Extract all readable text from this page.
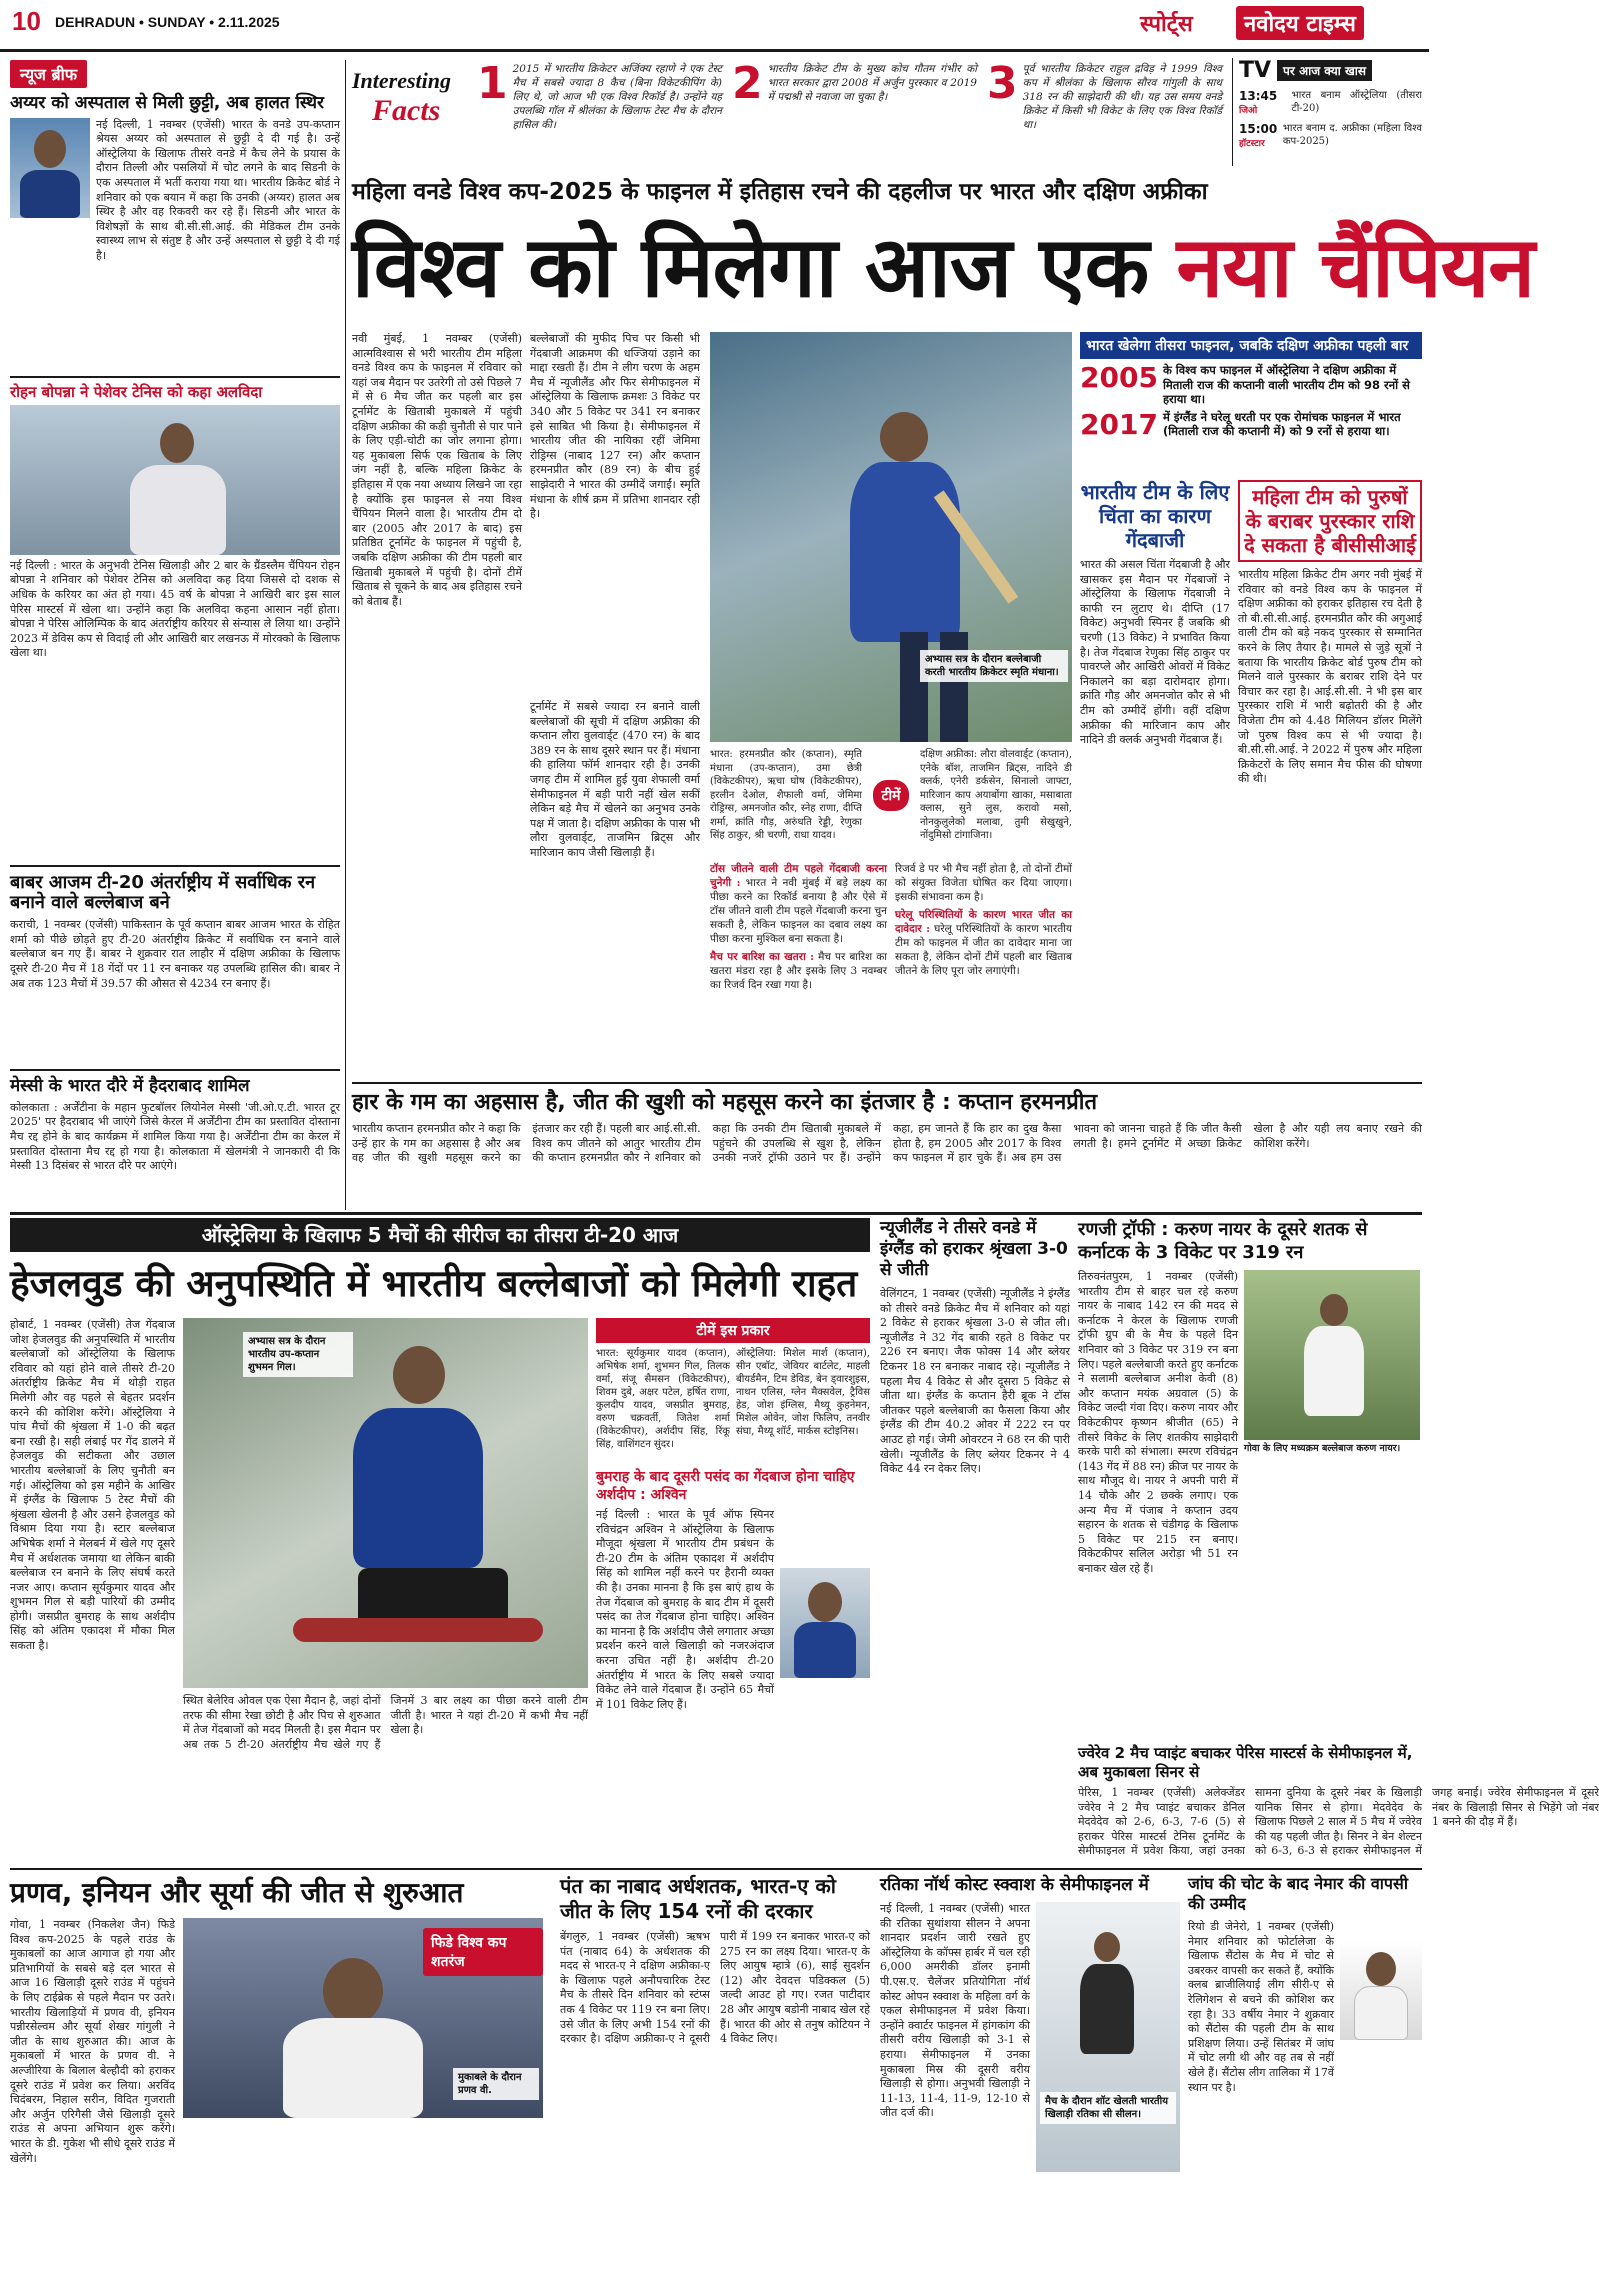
10 DEHRADUN • SUNDAY • 2.11.2025	स्पोर्ट्स	नवोदय टाइम्स
न्यूज ब्रीफ
अय्यर को अस्पताल से मिली छुट्टी, अब हालत स्थिर
नई दिल्ली, 1 नवम्बर (एजेंसी) भारत के वनडे उप-कप्तान श्रेयस अय्यर को अस्पताल से छुट्टी दे दी गई है। उन्हें ऑस्ट्रेलिया के खिलाफ तीसरे वनडे में कैच लेने के प्रयास के दौरान तिल्ली और पसलियों में चोट लगने के बाद सिडनी के एक अस्पताल में भर्ती कराया गया था। भारतीय क्रिकेट बोर्ड ने शनिवार को एक बयान में कहा कि उनकी (अय्यर) हालत अब स्थिर है और वह रिकवरी कर रहे हैं। सिडनी और भारत के विशेषज्ञों के साथ बी.सी.सी.आई. की मेडिकल टीम उनके स्वास्थ्य लाभ से संतुष्ट है और उन्हें अस्पताल से छुट्टी दे दी गई है।
रोहन बोपन्ना ने पेशेवर टेनिस को कहा अलविदा
नई दिल्ली : भारत के अनुभवी टेनिस खिलाड़ी और 2 बार के ग्रैंडस्लैम चैंपियन रोहन बोपन्ना ने शनिवार को पेशेवर टेनिस को अलविदा कह दिया जिससे दो दशक से अधिक के करियर का अंत हो गया। 45 वर्ष के बोपन्ना ने आखिरी बार इस साल पेरिस मास्टर्स में खेला था। उन्होंने कहा कि अलविदा कहना आसान नहीं होता। बोपन्ना ने पेरिस ओलिम्पिक के बाद अंतर्राष्ट्रीय करियर से संन्यास ले लिया था। उन्होंने 2023 में डेविस कप से विदाई ली और आखिरी बार लखनऊ में मोरक्को के खिलाफ खेला था।
बाबर आजम टी-20 अंतर्राष्ट्रीय में सर्वाधिक रन बनाने वाले बल्लेबाज बने
कराची, 1 नवम्बर (एजेंसी) पाकिस्तान के पूर्व कप्तान बाबर आजम भारत के रोहित शर्मा को पीछे छोड़ते हुए टी-20 अंतर्राष्ट्रीय क्रिकेट में सर्वाधिक रन बनाने वाले बल्लेबाज बन गए हैं। बाबर ने शुक्रवार रात लाहौर में दक्षिण अफ्रीका के खिलाफ दूसरे टी-20 मैच में 18 गेंदों पर 11 रन बनाकर यह उपलब्धि हासिल की। बाबर ने अब तक 123 मैचों में 39.57 की औसत से 4234 रन बनाए हैं।
मेस्सी के भारत दौरे में हैदराबाद शामिल
कोलकाता : अर्जेंटीना के महान फुटबॉलर लियोनेल मेस्सी 'जी.ओ.ए.टी. भारत टूर 2025' पर हैदराबाद भी जाएंगे जिसे केरल में अर्जेंटीना टीम का प्रस्तावित दोस्ताना मैच रद्द होने के बाद कार्यक्रम में शामिल किया गया है। अर्जेंटीना टीम का केरल में प्रस्तावित दोस्ताना मैच रद्द हो गया है। कोलकाता में खेलमंत्री ने जानकारी दी कि मेस्सी 13 दिसंबर से भारत दौरे पर आएंगे।
Interesting
Facts
1 2015 में भारतीय क्रिकेटर अजिंक्य रहाणे ने एक टेस्ट मैच में सबसे ज्यादा 8 कैच (बिना विकेटकीपिंग के) लिए थे, जो आज भी एक विश्व रिकॉर्ड है। उन्होंने यह उपलब्धि गॉल में श्रीलंका के खिलाफ टेस्ट मैच के दौरान हासिल की।
2 भारतीय क्रिकेट टीम के मुख्य कोच गौतम गंभीर को भारत सरकार द्वारा 2008 में अर्जुन पुरस्कार व 2019 में पद्मश्री से नवाजा जा चुका है।	3 पूर्व भारतीय क्रिकेटर राहुल द्रविड़ ने 1999 विश्व कप में श्रीलंका के खिलाफ सौरव गांगुली के साथ 318 रन की साझेदारी की थी। यह उस समय वनडे क्रिकेट में किसी भी विकेट के लिए एक विश्व रिकॉर्ड था।
TV	पर आज क्या खास
13:45
जिओ
भारत बनाम ऑस्ट्रेलिया (तीसरा टी-20)
15:00
हॉटस्टार
भारत बनाम द. अफ्रीका (महिला विश्व कप-2025)
महिला वनडे विश्व कप-2025 के फाइनल में इतिहास रचने की दहलीज पर भारत और दक्षिण अफ्रीका
विश्व को मिलेगा आज एक नया चैंपियन
नवी मुंबई, 1 नवम्बर (एजेंसी) आत्मविश्वास से भरी भारतीय टीम महिला वनडे विश्व कप के फाइनल में रविवार को यहां जब मैदान पर उतरेगी तो उसे पिछले 7 में से 6 मैच जीत कर पहली बार इस टूर्नामेंट के खिताबी मुकाबले में पहुंची दक्षिण अफ्रीका की कड़ी चुनौती से पार पाने के लिए एड़ी-चोटी का जोर लगाना होगा। यह मुकाबला सिर्फ एक खिताब के लिए जंग नहीं है, बल्कि महिला क्रिकेट के इतिहास में एक नया अध्याय लिखने जा रहा है क्योंकि इस फाइनल से नया विश्व चैंपियन मिलने वाला है। भारतीय टीम दो बार (2005 और 2017 के बाद) इस प्रतिष्ठित टूर्नामेंट के फाइनल में पहुंची है, जबकि दक्षिण अफ्रीका की टीम पहली बार खिताबी मुकाबले में पहुंची है। दोनों टीमें खिताब से चूकने के बाद अब इतिहास रचने को बेताब हैं।
बल्लेबाजों की मुफीद पिच पर किसी भी गेंदबाजी आक्रमण की धज्जियां उड़ाने का माद्दा रखती हैं। टीम ने लीग चरण के अहम मैच में न्यूजीलैंड और फिर सेमीफाइनल में ऑस्ट्रेलिया के खिलाफ क्रमशः 3 विकेट पर 340 और 5 विकेट पर 341 रन बनाकर इसे साबित भी किया है। सेमीफाइनल में भारतीय जीत की नायिका रहीं जेमिमा रोड्रिग्स (नाबाद 127 रन) और कप्तान हरमनप्रीत कौर (89 रन) के बीच हुई साझेदारी ने भारत की उम्मीदें जगाईं। स्मृति मंधाना के शीर्ष क्रम में प्रतिभा शानदार रही है।
टूर्नामेंट में सबसे ज्यादा रन बनाने वाली बल्लेबाजों की सूची में दक्षिण अफ्रीका की कप्तान लौरा वुलवार्ड्ट (470 रन) के बाद 389 रन के साथ दूसरे स्थान पर हैं। मंधाना की हालिया फॉर्म शानदार रही है। उनकी जगह टीम में शामिल हुई युवा शेफाली वर्मा सेमीफाइनल में बड़ी पारी नहीं खेल सकीं लेकिन बड़े मैच में खेलने का अनुभव उनके पक्ष में जाता है। दक्षिण अफ्रीका के पास भी लौरा वुलवार्ड्ट, ताजमिन ब्रिट्स और मारिजान काप जैसी खिलाड़ी हैं।
अभ्यास सत्र के दौरान बल्लेबाजी करती भारतीय क्रिकेटर स्मृति मंधाना।
भारत: हरमनप्रीत कौर (कप्तान), स्मृति मंधाना (उप-कप्तान), उमा छेत्री (विकेटकीपर), ऋचा घोष (विकेटकीपर), हरलीन देओल, शैफाली वर्मा, जेमिमा रोड्रिग्स, अमनजोत कौर, स्नेह राणा, दीप्ति शर्मा, क्रांति गौड़, अरुंधति रेड्डी, रेणुका सिंह ठाकुर, श्री चरणी, राधा यादव।
टीमें
दक्षिण अफ्रीका: लौरा वोलवार्ड्ट (कप्तान), एनेके बॉश, ताजमिन ब्रिट्स, नादिने डी क्लर्क, एनेरी डर्कसेन, सिनालो जाफ्टा, मारिजान काप अयाबोंगा खाका, मसाबाता क्लास, सुने लुस, करावो मसो, नोनकुलुलेको मलाबा, तुमी सेखुखुने, नोंदुमिसो टांगाजिना।
टॉस जीतने वाली टीम पहले गेंदबाजी करना चुनेगी : भारत ने नवी मुंबई में बड़े लक्ष्य का पीछा करने का रिकॉर्ड बनाया है और ऐसे में टॉस जीतने वाली टीम पहले गेंदबाजी करना चुन सकती है, लेकिन फाइनल का दबाव लक्ष्य का पीछा करना मुश्किल बना सकता है।
मैच पर बारिश का खतरा : मैच पर बारिश का खतरा मंडरा रहा है और इसके लिए 3 नवम्बर का रिजर्व दिन रखा गया है।
रिजर्व डे पर भी मैच नहीं होता है, तो दोनों टीमों को संयुक्त विजेता घोषित कर दिया जाएगा। इसकी संभावना कम है।
घरेलू परिस्थितियों के कारण भारत जीत का दावेदार : घरेलू परिस्थितियों के कारण भारतीय टीम को फाइनल में जीत का दावेदार माना जा सकता है, लेकिन दोनों टीमें पहली बार खिताब जीतने के लिए पूरा जोर लगाएंगी।
भारत खेलेगा तीसरा फाइनल, जबकि दक्षिण अफ्रीका पहली बार
2005 के विश्व कप फाइनल में ऑस्ट्रेलिया ने दक्षिण अफ्रीका में मिताली राज की कप्तानी वाली भारतीय टीम को 98 रनों से हराया था।
2017 में इंग्लैंड ने घरेलू धरती पर एक रोमांचक फाइनल में भारत (मिताली राज की कप्तानी में) को 9 रनों से हराया था।
भारतीय टीम के लिए चिंता का कारण गेंदबाजी
भारत की असल चिंता गेंदबाजी है और खासकर इस मैदान पर गेंदबाजों ने ऑस्ट्रेलिया के खिलाफ गेंदबाजी ने काफी रन लुटाए थे। दीप्ति (17 विकेट) अनुभवी स्पिनर हैं जबकि श्री चरणी (13 विकेट) ने प्रभावित किया है। तेज गेंदबाज रेणुका सिंह ठाकुर पर पावरप्ले और आखिरी ओवरों में विकेट निकालने का बड़ा दारोमदार होगा। क्रांति गौड़ और अमनजोत कौर से भी टीम को उम्मीदें होंगी। वहीं दक्षिण अफ्रीका की मारिजान काप और नादिने डी क्लर्क अनुभवी गेंदबाज हैं।
महिला टीम को पुरुषों के बराबर पुरस्कार राशि दे सकता है बीसीसीआई
भारतीय महिला क्रिकेट टीम अगर नवी मुंबई में रविवार को वनडे विश्व कप के फाइनल में दक्षिण अफ्रीका को हराकर इतिहास रच देती है तो बी.सी.सी.आई. हरमनप्रीत कौर की अगुआई वाली टीम को बड़े नकद पुरस्कार से सम्मानित करने के लिए तैयार है। मामले से जुड़े सूत्रों ने बताया कि भारतीय क्रिकेट बोर्ड पुरुष टीम को मिलने वाले पुरस्कार के बराबर राशि देने पर विचार कर रहा है। आई.सी.सी. ने भी इस बार पुरस्कार राशि में भारी बढ़ोतरी की है और विजेता टीम को 4.48 मिलियन डॉलर मिलेंगे जो पुरुष विश्व कप से भी ज्यादा है। बी.सी.सी.आई. ने 2022 में पुरुष और महिला क्रिकेटरों के लिए समान मैच फीस की घोषणा की थी।
हार के गम का अहसास है, जीत की खुशी को महसूस करने का इंतजार है : कप्तान हरमनप्रीत
भारतीय कप्तान हरमनप्रीत कौर ने कहा कि उन्हें हार के गम का अहसास है और अब वह जीत की खुशी महसूस करने का इंतजार कर रही हैं। पहली बार आई.सी.सी. विश्व कप जीतने को आतुर भारतीय टीम की कप्तान हरमनप्रीत कौर ने शनिवार को कहा कि उनकी टीम खिताबी मुकाबले में पहुंचने की उपलब्धि से खुश है, लेकिन उनकी नजरें ट्रॉफी उठाने पर हैं। उन्होंने कहा, हम जानते हैं कि हार का दुख कैसा होता है, हम 2005 और 2017 के विश्व कप फाइनल में हार चुके हैं। अब हम उस भावना को जानना चाहते हैं कि जीत कैसी लगती है। हमने टूर्नामेंट में अच्छा क्रिकेट खेला है और यही लय बनाए रखने की कोशिश करेंगे।
ऑस्ट्रेलिया के खिलाफ 5 मैचों की सीरीज का तीसरा टी-20 आज
हेजलवुड की अनुपस्थिति में भारतीय बल्लेबाजों को मिलेगी राहत
होबार्ट, 1 नवम्बर (एजेंसी) तेज गेंदबाज जोश हेजलवुड की अनुपस्थिति में भारतीय बल्लेबाजों को ऑस्ट्रेलिया के खिलाफ रविवार को यहां होने वाले तीसरे टी-20 अंतर्राष्ट्रीय क्रिकेट मैच में थोड़ी राहत मिलेगी और वह पहले से बेहतर प्रदर्शन करने की कोशिश करेंगे। ऑस्ट्रेलिया ने पांच मैचों की श्रृंखला में 1-0 की बढ़त बना रखी है। सही लंबाई पर गेंद डालने में हेजलवुड की सटीकता और उछाल भारतीय बल्लेबाजों के लिए चुनौती बन गई। ऑस्ट्रेलिया को इस महीने के आखिर में इंग्लैंड के खिलाफ 5 टेस्ट मैचों की श्रृंखला खेलनी है और उसने हेजलवुड को विश्राम दिया गया है। स्टार बल्लेबाज अभिषेक शर्मा ने मेलबर्न में खेले गए दूसरे मैच में अर्धशतक जमाया था लेकिन बाकी बल्लेबाज रन बनाने के लिए संघर्ष करते नजर आए। कप्तान सूर्यकुमार यादव और शुभमन गिल से बड़ी पारियों की उम्मीद होगी। जसप्रीत बुमराह के साथ अर्शदीप सिंह को अंतिम एकादश में मौका मिल सकता है।
अभ्यास सत्र के दौरान भारतीय उप-कप्तान शुभमन गिल।
स्थित बेलेरिव ओवल एक ऐसा मैदान है, जहां दोनों तरफ की सीमा रेखा छोटी है और पिच से शुरुआत में तेज गेंदबाजों को मदद मिलती है। इस मैदान पर अब तक 5 टी-20 अंतर्राष्ट्रीय मैच खेले गए हैं जिनमें 3 बार लक्ष्य का पीछा करने वाली टीम जीती है। भारत ने यहां टी-20 में कभी मैच नहीं खेला है।
टीमें इस प्रकार
भारत: सूर्यकुमार यादव (कप्तान), अभिषेक शर्मा, शुभमन गिल, तिलक वर्मा, संजू सैमसन (विकेटकीपर), शिवम दुबे, अक्षर पटेल, हर्षित राणा, कुलदीप यादव, जसप्रीत बुमराह, वरुण चक्रवर्ती, जितेश शर्मा (विकेटकीपर), अर्शदीप सिंह, रिंकू सिंह, वाशिंगटन सुंदर।
ऑस्ट्रेलिया: मिशेल मार्श (कप्तान), सीन एबॉट, जेवियर बार्टलेट, माहली बीयर्डमैन, टिम डेविड, बेन ड्वारशुइस, नाथन एलिस, ग्लेन मैक्सवेल, ट्रैविस हेड, जोश इंग्लिस, मैथ्यू कुहनेमन, मिशेल ओवेन, जोश फिलिप, तनवीर संघा, मैथ्यू शॉर्ट, मार्कस स्टोइनिस।
बुमराह के बाद दूसरी पसंद का गेंदबाज होना चाहिए अर्शदीप : अश्विन
नई दिल्ली : भारत के पूर्व ऑफ स्पिनर रविचंद्रन अश्विन ने ऑस्ट्रेलिया के खिलाफ मौजूदा श्रृंखला में भारतीय टीम प्रबंधन के टी-20 टीम के अंतिम एकादश में अर्शदीप सिंह को शामिल नहीं करने पर हैरानी व्यक्त की है। उनका मानना है कि इस बाएं हाथ के तेज गेंदबाज को बुमराह के बाद टीम में दूसरी पसंद का तेज गेंदबाज होना चाहिए। अश्विन का मानना है कि अर्शदीप जैसे लगातार अच्छा प्रदर्शन करने वाले खिलाड़ी को नजरअंदाज करना उचित नहीं है। अर्शदीप टी-20 अंतर्राष्ट्रीय में भारत के लिए सबसे ज्यादा विकेट लेने वाले गेंदबाज हैं। उन्होंने 65 मैचों में 101 विकेट लिए हैं।
न्यूजीलैंड ने तीसरे वनडे में इंग्लैंड को हराकर श्रृंखला 3-0 से जीती
वेलिंगटन, 1 नवम्बर (एजेंसी) न्यूजीलैंड ने इंग्लैंड को तीसरे वनडे क्रिकेट मैच में शनिवार को यहां 2 विकेट से हराकर श्रृंखला 3-0 से जीत ली। न्यूजीलैंड ने 32 गेंद बाकी रहते 8 विकेट पर 226 रन बनाए। जैक फोक्स 14 और ब्लेयर टिकनर 18 रन बनाकर नाबाद रहे। न्यूजीलैंड ने पहला मैच 4 विकेट से और दूसरा 5 विकेट से जीता था। इंग्लैंड के कप्तान हैरी ब्रूक ने टॉस जीतकर पहले बल्लेबाजी का फैसला किया और इंग्लैंड की टीम 40.2 ओवर में 222 रन पर आउट हो गई। जेमी ओवरटन ने 68 रन की पारी खेली। न्यूजीलैंड के लिए ब्लेयर टिकनर ने 4 विकेट 44 रन देकर लिए।
रणजी ट्रॉफी : करुण नायर के दूसरे शतक से कर्नाटक के 3 विकेट पर 319 रन
तिरुवनंतपुरम, 1 नवम्बर (एजेंसी) भारतीय टीम से बाहर चल रहे करुण नायर के नाबाद 142 रन की मदद से कर्नाटक ने केरल के खिलाफ रणजी ट्रॉफी ग्रुप बी के मैच के पहले दिन शनिवार को 3 विकेट पर 319 रन बना लिए। पहले बल्लेबाजी करते हुए कर्नाटक ने सलामी बल्लेबाज अनीश केवी (8) और कप्तान मयंक अग्रवाल (5) के विकेट जल्दी गंवा दिए। करुण नायर और विकेटकीपर कृष्णन श्रीजीत (65) ने तीसरे विकेट के लिए शतकीय साझेदारी करके पारी को संभाला। स्मरण रविचंद्रन (143 गेंद में 88 रन) क्रीज पर नायर के साथ मौजूद थे। नायर ने अपनी पारी में 14 चौके और 2 छक्के लगाए। एक अन्य मैच में पंजाब ने कप्तान उदय सहारन के शतक से चंडीगढ़ के खिलाफ 5 विकेट पर 215 रन बनाए। विकेटकीपर सलिल अरोड़ा भी 51 रन बनाकर खेल रहे हैं।
गोवा के लिए मध्यक्रम बल्लेबाज करुण नायर।
ज्वेरेव 2 मैच प्वाइंट बचाकर पेरिस मास्टर्स के सेमीफाइनल में, अब मुकाबला सिनर से
पेरिस, 1 नवम्बर (एजेंसी) अलेक्जेंडर ज्वेरेव ने 2 मैच प्वाइंट बचाकर डेनिल मेदवेदेव को 2-6, 6-3, 7-6 (5) से हराकर पेरिस मास्टर्स टेनिस टूर्नामेंट के सेमीफाइनल में प्रवेश किया, जहां उनका सामना दुनिया के दूसरे नंबर के खिलाड़ी यानिक सिनर से होगा। मेदवेदेव के खिलाफ पिछले 2 साल में 5 मैच में ज्वेरेव की यह पहली जीत है। सिनर ने बेन शेल्टन को 6-3, 6-3 से हराकर सेमीफाइनल में जगह बनाई। ज्वेरेव सेमीफाइनल में दूसरे नंबर के खिलाड़ी सिनर से भिड़ेंगे जो नंबर 1 बनने की दौड़ में हैं।
प्रणव, इनियन और सूर्या की जीत से शुरुआत
गोवा, 1 नवम्बर (निकलेश जैन) फिडे विश्व कप-2025 के पहले राउंड के मुकाबलों का आज आगाज हो गया और प्रतिभागियों के सबसे बड़े दल भारत से आज 16 खिलाड़ी दूसरे राउंड में पहुंचने के लिए टाईब्रेक से पहले मैदान पर उतरे। भारतीय खिलाड़ियों में प्रणव वी, इनियन पन्नीरसेल्वम और सूर्या शेखर गांगुली ने जीत के साथ शुरुआत की। आज के मुकाबलों में भारत के प्रणव वी. ने अल्जीरिया के बिलाल बेल्हौदी को हराकर दूसरे राउंड में प्रवेश कर लिया। अरविंद चिदंबरम, निहाल सरीन, विदित गुजराती और अर्जुन एरिगैसी जैसे खिलाड़ी दूसरे राउंड से अपना अभियान शुरू करेंगे। भारत के डी. गुकेश भी सीधे दूसरे राउंड में खेलेंगे।
फिडे विश्व कप शतरंज
मुकाबले के दौरान प्रणव वी.
पंत का नाबाद अर्धशतक, भारत-ए को जीत के लिए 154 रनों की दरकार
बेंगलुरु, 1 नवम्बर (एजेंसी) ऋषभ पंत (नाबाद 64) के अर्धशतक की मदद से भारत-ए ने दक्षिण अफ्रीका-ए के खिलाफ पहले अनौपचारिक टेस्ट मैच के तीसरे दिन शनिवार को स्टंप्स तक 4 विकेट पर 119 रन बना लिए। उसे जीत के लिए अभी 154 रनों की दरकार है। दक्षिण अफ्रीका-ए ने दूसरी पारी में 199 रन बनाकर भारत-ए को 275 रन का लक्ष्य दिया। भारत-ए के लिए आयुष म्हात्रे (6), साई सुदर्शन (12) और देवदत्त पडिक्कल (5) जल्दी आउट हो गए। रजत पाटीदार 28 और आयुष बडोनी नाबाद खेल रहे हैं। भारत की ओर से तनुष कोटियन ने 4 विकेट लिए।
रतिका नॉर्थ कोस्ट स्क्वाश के सेमीफाइनल में
नई दिल्ली, 1 नवम्बर (एजेंसी) भारत की रतिका सुथांशया सीलन ने अपना शानदार प्रदर्शन जारी रखते हुए ऑस्ट्रेलिया के कॉफ्स हार्बर में चल रही 6,000 अमरीकी डॉलर इनामी पी.एस.ए. चैलेंजर प्रतियोगिता नॉर्थ कोस्ट ओपन स्क्वाश के महिला वर्ग के एकल सेमीफाइनल में प्रवेश किया। उन्होंने क्वार्टर फाइनल में हांगकांग की तीसरी वरीय खिलाड़ी को 3-1 से हराया। सेमीफाइनल में उनका मुकाबला मिस्र की दूसरी वरीय खिलाड़ी से होगा। अनुभवी खिलाड़ी ने 11-13, 11-4, 11-9, 12-10 से जीत दर्ज की।
मैच के दौरान शॉट खेलती भारतीय खिलाड़ी रतिका सी सीलन।
जांघ की चोट के बाद नेमार की वापसी की उम्मीद
रियो डी जेनेरो, 1 नवम्बर (एजेंसी) नेमार शनिवार को फोर्टालेजा के खिलाफ सैंटोस के मैच में चोट से उबरकर वापसी कर सकते हैं, क्योंकि क्लब ब्राजीलियाई लीग सीरी-ए से रेलिगेशन से बचने की कोशिश कर रहा है। 33 वर्षीय नेमार ने शुक्रवार को सैंटोस की पहली टीम के साथ प्रशिक्षण लिया। उन्हें सितंबर में जांघ में चोट लगी थी और वह तब से नहीं खेले हैं। सैंटोस लीग तालिका में 17वें स्थान पर है।
